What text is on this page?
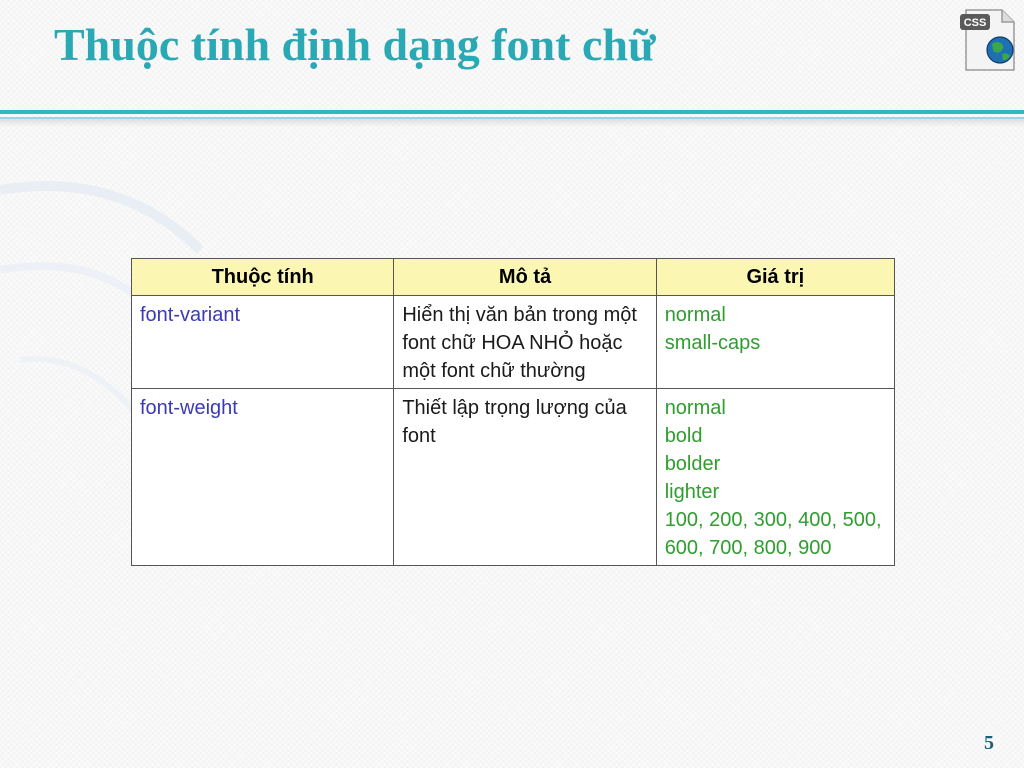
Thuộc tính định dạng font chữ	CSS
Thuộc tính	Mô tả	Giá trị
font-variant	Hiển thị văn bản trong một font chữ HOA NHỎ hoặc một font chữ thường	normal
small-caps

font-weight	Thiết lập trọng lượng của font	normal
bold
bolder
lighter
100, 200, 300, 400, 500, 600, 700, 800, 900
5
